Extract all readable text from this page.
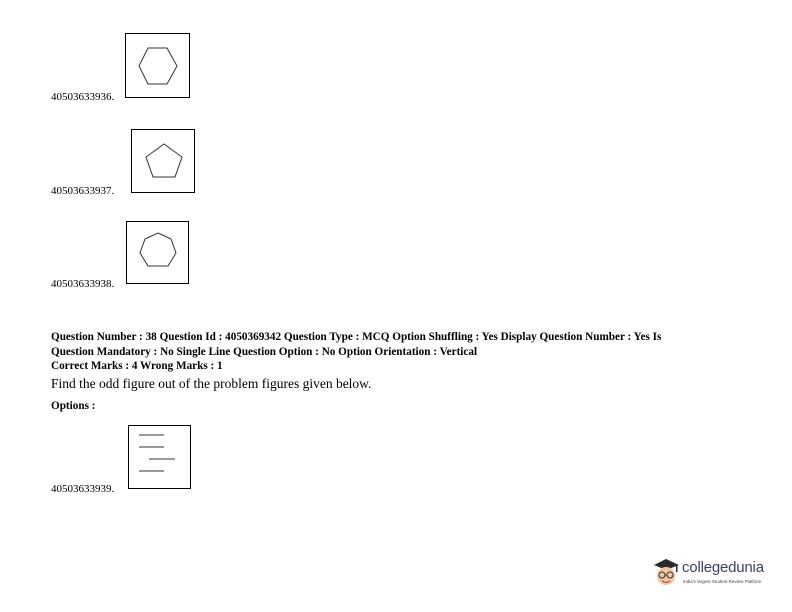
40503633936.
40503633937.
40503633938.
Question Number : 38 Question Id : 4050369342 Question Type : MCQ Option Shuffling : Yes Display Question Number : Yes Is
Question Mandatory : No Single Line Question Option : No Option Orientation : Vertical
Correct Marks : 4 Wrong Marks : 1
Find the odd figure out of the problem figures given below.
Options :
40503633939.
collegedunia
India's largest Student Review Platform
